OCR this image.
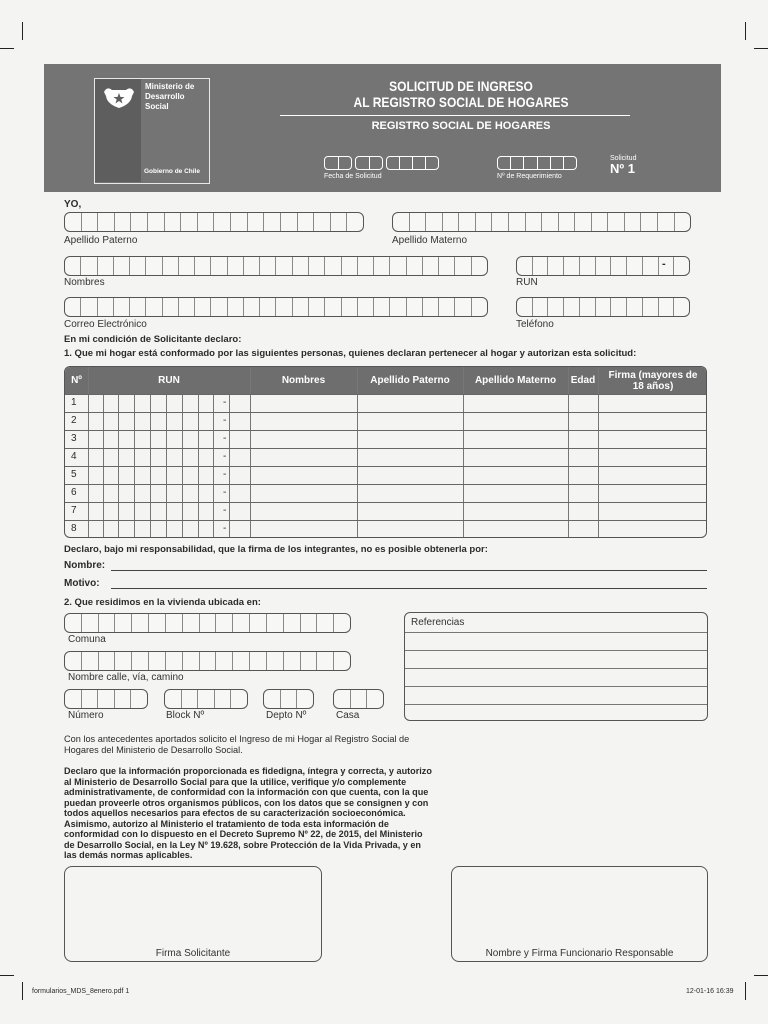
Ministerio de
Desarrollo
Social
Gobierno de Chile
SOLICITUD DE INGRESO
AL REGISTRO SOCIAL DE HOGARES
REGISTRO SOCIAL DE HOGARES
Fecha de Solicitud	Nº de Requerimiento
Solicitud
Nº 1
YO,
Apellido Paterno	Apellido Materno
Nombres
-
RUN
Correo Electrónico	Teléfono
En mi condición de Solicitante declaro:
1. Que mi hogar está conformado por las siguientes personas, quienes declaran pertenecer al hogar y autorizan esta solicitud:
Nº	RUN	Nombres	Apellido Paterno	Apellido Materno	Edad	Firma (mayores de 18 años)
1	-
2	-
3	-
4	-
5	-
6	-
7	-
8	-
Declaro, bajo mi responsabilidad, que la firma de los integrantes, no es posible obtenerla por:
Nombre:
Motivo:
2. Que residimos en la vivienda ubicada en:
Comuna
Nombre calle, vía, camino
Número	Block Nº	Depto Nº	Casa
Referencias
Con los antecedentes aportados solicito el Ingreso de mi Hogar al Registro Social de Hogares del Ministerio de Desarrollo Social.
Declaro que la información proporcionada es fidedigna, íntegra y correcta, y autorizo al Ministerio de Desarrollo Social para que la utilice, verifique y/o complemente administrativamente, de conformidad con la información con que cuenta, con la que puedan proveerle otros organismos públicos, con los datos que se consignen y con todos aquellos necesarios para efectos de su caracterización socioeconómica. Asimismo, autorizo al Ministerio el tratamiento de toda esta información de conformidad con lo dispuesto en el Decreto Supremo Nº 22, de 2015, del Ministerio de Desarrollo Social, en la Ley Nº 19.628, sobre Protección de la Vida Privada, y en las demás normas aplicables.
Firma Solicitante	Nombre y Firma Funcionario Responsable
formularios_MDS_8enero.pdf 1	12-01-16 16:39
